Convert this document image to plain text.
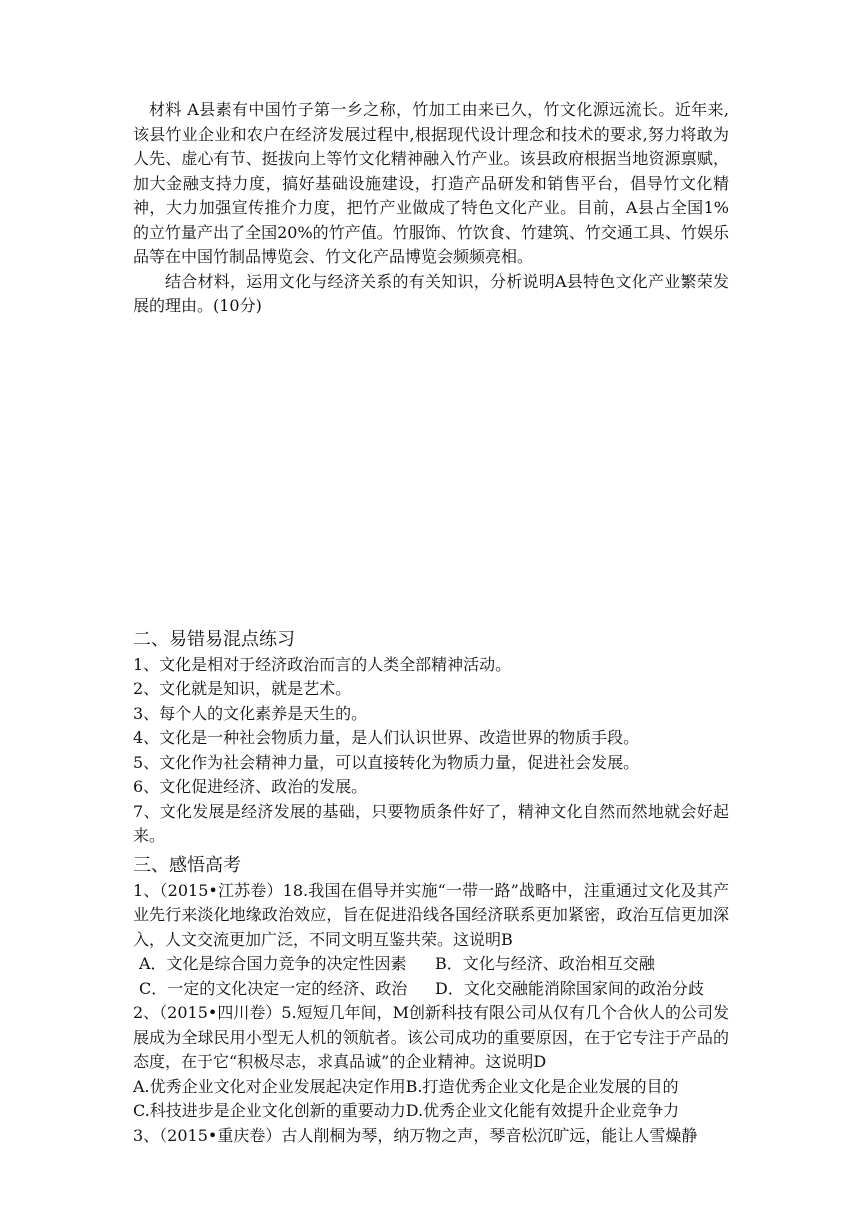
材料 A县素有中国竹子第一乡之称，竹加工由来已久，竹文化源远流长。近年来,该县竹业企业和农户在经济发展过程中,根据现代设计理念和技术的要求,努力将敢为人先、虚心有节、挺拔向上等竹文化精神融入竹产业。该县政府根据当地资源禀赋，加大金融支持力度，搞好基础设施建设，打造产品研发和销售平台，倡导竹文化精神，大力加强宣传推介力度，把竹产业做成了特色文化产业。目前，A县占全国1%的立竹量产出了全国20%的竹产值。竹服饰、竹饮食、竹建筑、竹交通工具、竹娱乐品等在中国竹制品博览会、竹文化产品博览会频频亮相。

结合材料，运用文化与经济关系的有关知识，分析说明A县特色文化产业繁荣发展的理由。(10分)

二、易错易混点练习

1、文化是相对于经济政治而言的人类全部精神活动。

2、文化就是知识，就是艺术。

3、每个人的文化素养是天生的。

4、文化是一种社会物质力量，是人们认识世界、改造世界的物质手段。

5、文化作为社会精神力量，可以直接转化为物质力量，促进社会发展。

6、文化促进经济、政治的发展。

7、文化发展是经济发展的基础，只要物质条件好了，精神文化自然而然地就会好起来。

三、感悟高考

1、（2015•江苏卷）18.我国在倡导并实施“一带一路”战略中，注重通过文化及其产业先行来淡化地缘政治效应，旨在促进沿线各国经济联系更加紧密，政治互信更加深入，人文交流更加广泛，不同文明互鉴共荣。这说明B

A．文化是综合国力竞争的决定性因素	B．文化与经济、政治相互交融
C．一定的文化决定一定的经济、政治	D．文化交融能消除国家间的政治分歧

2、（2015•四川卷）5.短短几年间，M创新科技有限公司从仅有几个合伙人的公司发展成为全球民用小型无人机的领航者。该公司成功的重要原因，在于它专注于产品的态度，在于它“积极尽志，求真品诚”的企业精神。这说明D

A.优秀企业文化对企业发展起决定作用 B.打造优秀企业文化是企业发展的目的
C.科技进步是企业文化创新的重要动力 D.优秀企业文化能有效提升企业竞争力

3、（2015•重庆卷）古人削桐为琴，纳万物之声，琴音松沉旷远，能让人雪燥静
